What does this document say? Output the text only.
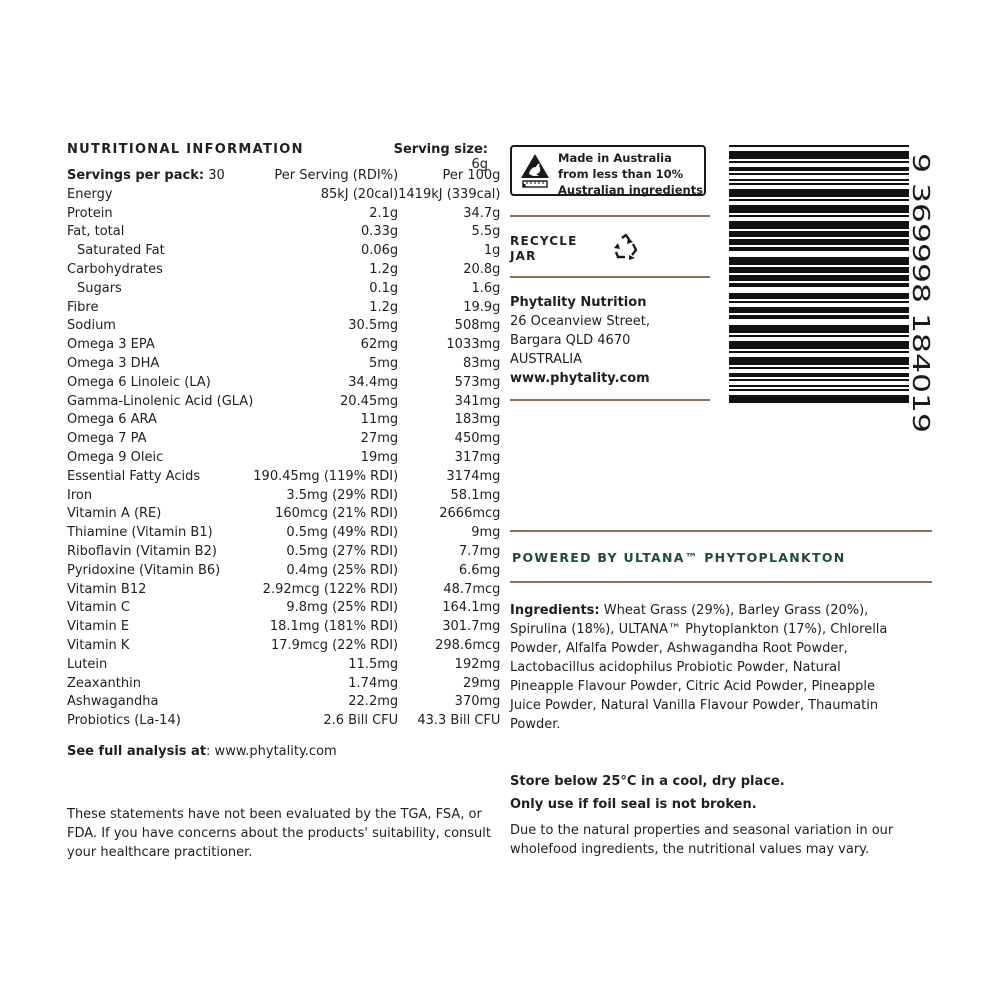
NUTRITIONAL INFORMATION	Serving size: 6g
Servings per pack: 30	Per Serving (RDI%)	Per 100g
Energy	85kJ (20cal)	1419kJ (339cal)
Protein	2.1g	34.7g
Fat, total	0.33g	5.5g
Saturated Fat	0.06g	1g
Carbohydrates	1.2g	20.8g
Sugars	0.1g	1.6g
Fibre	1.2g	19.9g
Sodium	30.5mg	508mg
Omega 3 EPA	62mg	1033mg
Omega 3 DHA	5mg	83mg
Omega 6 Linoleic (LA)	34.4mg	573mg
Gamma-Linolenic Acid (GLA)	20.45mg	341mg
Omega 6 ARA	11mg	183mg
Omega 7 PA	27mg	450mg
Omega 9 Oleic	19mg	317mg
Essential Fatty Acids	190.45mg (119% RDI)	3174mg
Iron	3.5mg (29% RDI)	58.1mg
Vitamin A (RE)	160mcg (21% RDI)	2666mcg
Thiamine (Vitamin B1)	0.5mg (49% RDI)	9mg
Riboflavin (Vitamin B2)	0.5mg (27% RDI)	7.7mg
Pyridoxine (Vitamin B6)	0.4mg (25% RDI)	6.6mg
Vitamin B12	2.92mcg (122% RDI)	48.7mcg
Vitamin C	9.8mg (25% RDI)	164.1mg
Vitamin E	18.1mg (181% RDI)	301.7mg
Vitamin K	17.9mcg (22% RDI)	298.6mcg
Lutein	11.5mg	192mg
Zeaxanthin	1.74mg	29mg
Ashwagandha	22.2mg	370mg
Probiotics (La-14)	2.6 Bill CFU	43.3 Bill CFU
See full analysis at: www.phytality.com
These statements have not been evaluated by the TGA, FSA, or FDA. If you have concerns about the products' suitability, consult your healthcare practitioner.
Made in Australia
from less than 10%
Australian ingredients
RECYCLE
JAR
Phytality Nutrition
26 Oceanview Street,
Bargara QLD 4670
AUSTRALIA
www.phytality.com
9 369998 184019
POWERED BY ULTANA™ PHYTOPLANKTON
Ingredients: Wheat Grass (29%), Barley Grass (20%), Spirulina (18%), ULTANA™ Phytoplankton (17%), Chlorella Powder, Alfalfa Powder, Ashwagandha Root Powder, Lactobacillus acidophilus Probiotic Powder, Natural Pineapple Flavour Powder, Citric Acid Powder, Pineapple Juice Powder, Natural Vanilla Flavour Powder, Thaumatin Powder.
Store below 25°C in a cool, dry place.
Only use if foil seal is not broken.
Due to the natural properties and seasonal variation in our wholefood ingredients, the nutritional values may vary.
